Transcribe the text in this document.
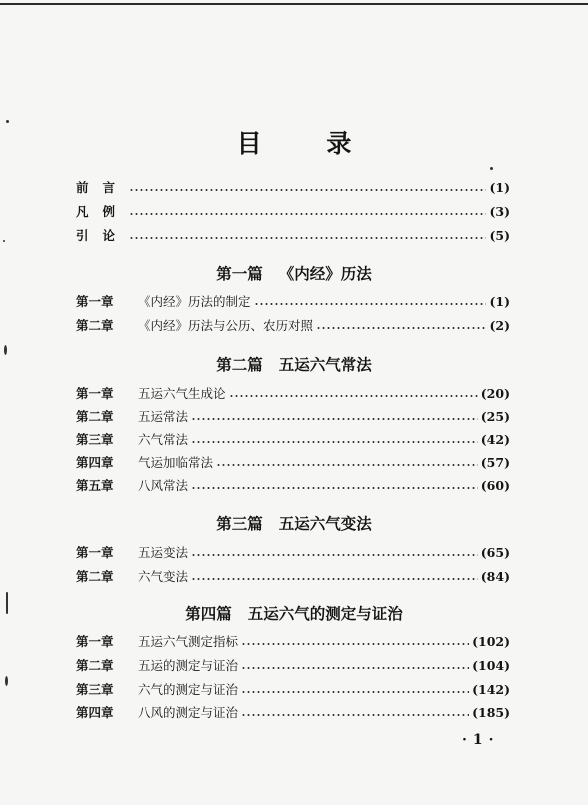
目 录
前言	(1)
凡例	(3)
引论	(5)
第一篇 《内经》历法
第一章	《内经》历法的制定	(1)
第二章	《内经》历法与公历、农历对照	(2)
第二篇 五运六气常法
第一章	五运六气生成论	(20)
第二章	五运常法	(25)
第三章	六气常法	(42)
第四章	气运加临常法	(57)
第五章	八风常法	(60)
第三篇 五运六气变法
第一章	五运变法	(65)
第二章	六气变法	(84)
第四篇 五运六气的测定与证治
第一章	五运六气测定指标	(102)
第二章	五运的测定与证治	(104)
第三章	六气的测定与证治	(142)
第四章	八风的测定与证治	(185)
·1·
